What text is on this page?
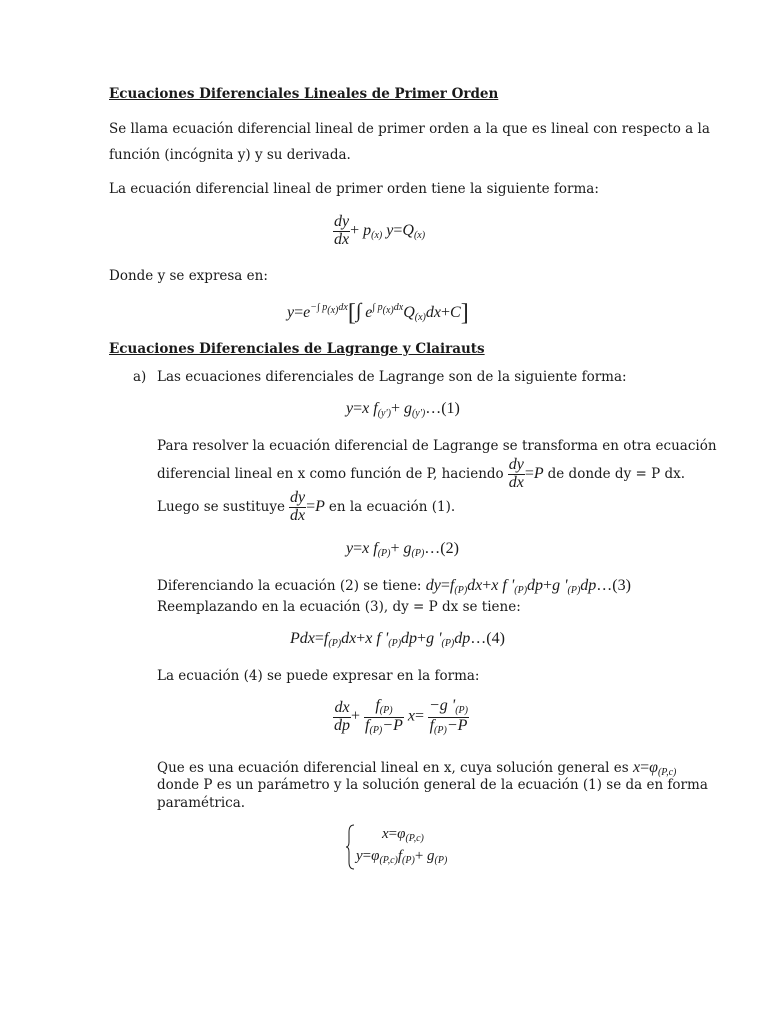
Ecuaciones Diferenciales Lineales de Primer Orden
Se llama ecuación diferencial lineal de primer orden a la que es lineal con respecto a la
función (incógnita y) y su derivada.
La ecuación diferencial lineal de primer orden tiene la siguiente forma:
$\frac{dy}{dx} + p_{(x)}$ $y=Q_{(x)}$
Donde y se expresa en:
$y=e^{-\int p_{(x)}dx}[\int$ $e^{\int p_{(x)}dx}Q_{(x)}dx+C$]
Ecuaciones Diferenciales de Lagrange y Clairauts
a) Las ecuaciones diferenciales de Lagrange son de la siguiente forma:
y=x $f_{(y')}+$ $g_{(y')}\dots(1)$
Para resolver la ecuación diferencial de Lagrange se transforma en otra ecuación
diferencial lineal en x como función de P, haciendo $\frac{dy}{dx} =P$ de donde dy = P dx.
Luego se sustituye $\frac{dy}{dx} =P$ en la ecuación (1).
y=x $f_{(P)}+$ $g_{(P)}\dots(2)$
Diferenciando la ecuación (2) se tiene: $dy=f_{(P)}dx+x$ f '$_{(P)}dp+g$ '$_{(P)}dp\dots(3)$
Reemplazando en la ecuación (3), dy = P dx se tiene:
$Pdx=f_{(P)}dx+x$ f '$_{(P)}dp+g$ '$_{(P)}dp\dots(4)$
La ecuación (4) se puede expresar en la forma:
$\frac{dx}{dp} + \frac{f_{(P)}}{f_{(P)}-P} x= \frac{-g '_{(P)}}{f_{(P)}-P}$
Que es una ecuación diferencial lineal en x, cuya solución general es $x=\varphi_{(P,c)}$
donde P es un parámetro y la solución general de la ecuación (1) se da en forma
paramétrica.
$x=\varphi_{(P,c)}$
$y=\varphi_{(P,c)}f_{(P)}+ g_{(P)}$
